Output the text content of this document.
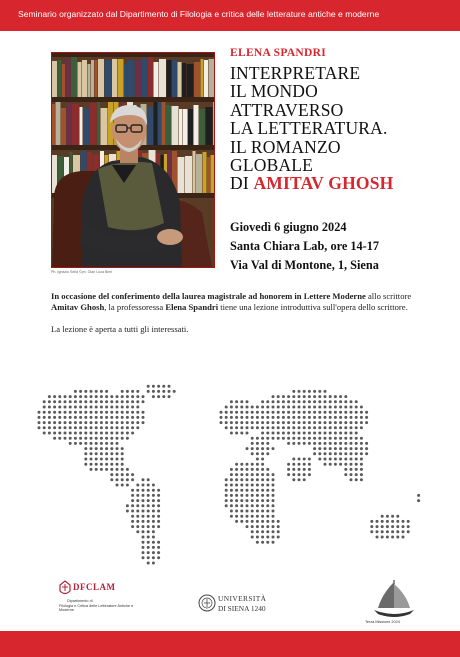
Seminario organizzato dal Dipartimento di Filologia e critica delle letterature antiche e moderne
Ph. Ignazio Sella ©ph. Gian Luca Bieri
ELENA SPANDRI
INTERPRETARE
IL MONDO
ATTRAVERSO
LA LETTERATURA.
IL ROMANZO
GLOBALE
DI AMITAV GHOSH
Giovedì 6 giugno 2024
Santa Chiara Lab, ore 14-17
Via Val di Montone, 1, Siena

In occasione del conferimento della laurea magistrale ad honorem in Lettere Moderne allo scrittore Amitav Ghosh, la professoressa Elena Spandri tiene una lezione introduttiva sull'opera dello scrittore.

La lezione è aperta a tutti gli interessati.

DFCLAM
Dipartimento di
Filologia e Critica delle Letterature Antiche e Moderne
UNIVERSITÀ
DI SIENA 1240
Terza Missione 2024
